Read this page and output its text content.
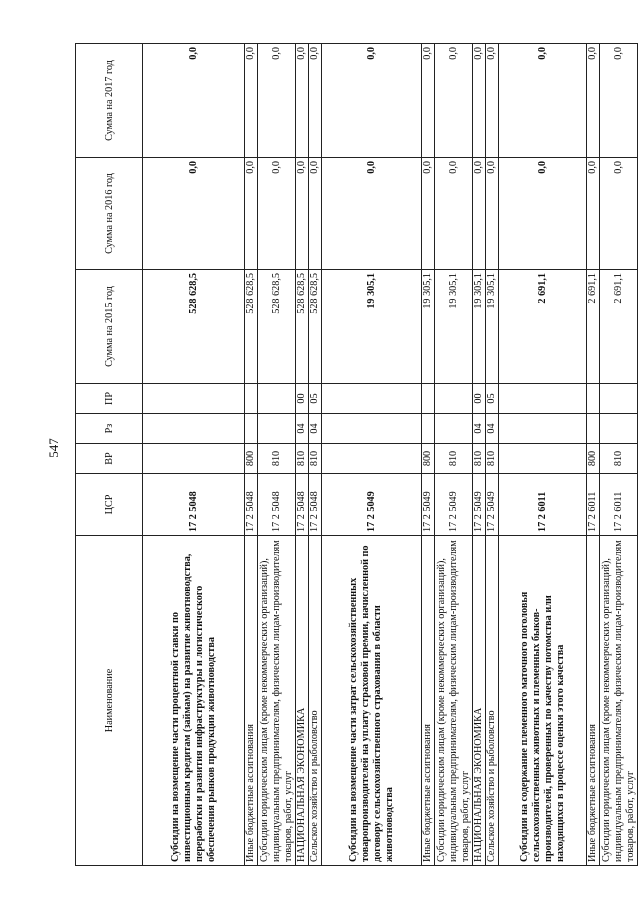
547
Наименование	ЦСР	ВР	Рз	ПР	Сумма на 2015 год	Сумма на 2016 год	Сумма на 2017 год
Субсидии на возмещение части процентной ставки по инвестиционным кредитам (займам) на развитие животноводства, переработки и развития инфраструктуры и логистического обеспечения рынков продукции животноводства	17 2 5048				528 628,5	0,0	0,0
Иные бюджетные ассигнования	17 2 5048	800			528 628,5	0,0	0,0
Субсидии юридическим лицам (кроме некоммерческих организаций), индивидуальным предпринимателям, физическим лицам-производителям товаров, работ, услуг	17 2 5048	810			528 628,5	0,0	0,0
НАЦИОНАЛЬНАЯ ЭКОНОМИКА	17 2 5048	810	04	00	528 628,5	0,0	0,0
Сельское хозяйство и рыболовство	17 2 5048	810	04	05	528 628,5	0,0	0,0
Субсидии на возмещение части затрат сельскохозяйственных товаропроизводителей на уплату страховой премии, начисленной по договору сельскохозяйственного страхования в области животноводства	17 2 5049				19 305,1	0,0	0,0
Иные бюджетные ассигнования	17 2 5049	800			19 305,1	0,0	0,0
Субсидии юридическим лицам (кроме некоммерческих организаций), индивидуальным предпринимателям, физическим лицам-производителям товаров, работ, услуг	17 2 5049	810			19 305,1	0,0	0,0
НАЦИОНАЛЬНАЯ ЭКОНОМИКА	17 2 5049	810	04	00	19 305,1	0,0	0,0
Сельское хозяйство и рыболовство	17 2 5049	810	04	05	19 305,1	0,0	0,0
Субсидии на содержание племенного маточного поголовья сельскохозяйственных животных и племенных быков-производителей, проверенных по качеству потомства или находящихся в процессе оценки этого качества	17 2 6011				2 691,1	0,0	0,0
Иные бюджетные ассигнования	17 2 6011	800			2 691,1	0,0	0,0
Субсидии юридическим лицам (кроме некоммерческих организаций), индивидуальным предпринимателям, физическим лицам-производителям товаров, работ, услуг	17 2 6011	810			2 691,1	0,0	0,0
